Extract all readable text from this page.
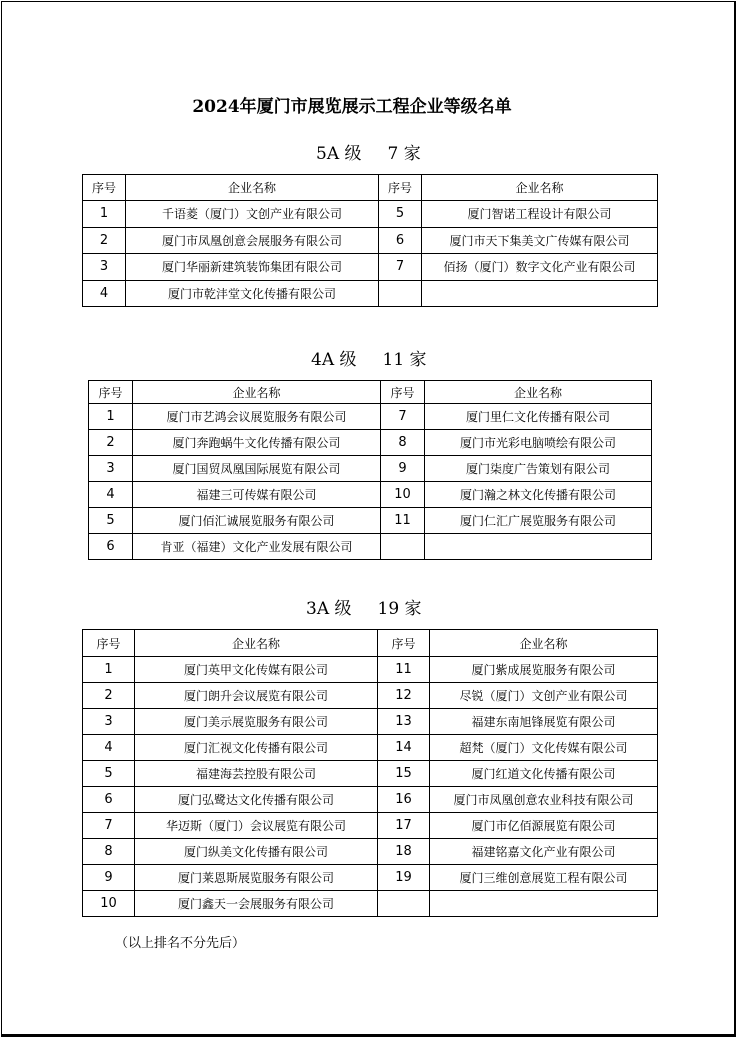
2024年厦门市展览展示工程企业等级名单
5A 级 7 家
4A 级 11 家
3A 级 19 家
序号	企业名称	序号	企业名称
1	千语菱（厦门）文创产业有限公司	5	厦门智诺工程设计有限公司
2	厦门市凤凰创意会展服务有限公司	6	厦门市天下集美文广传媒有限公司
3	厦门华丽新建筑装饰集团有限公司	7	佰扬（厦门）数字文化产业有限公司
4	厦门市乾沣堂文化传播有限公司		
序号	企业名称	序号	企业名称
1	厦门市艺鸿会议展览服务有限公司	7	厦门里仁文化传播有限公司
2	厦门奔跑蜗牛文化传播有限公司	8	厦门市光彩电脑喷绘有限公司
3	厦门国贸凤凰国际展览有限公司	9	厦门柒度广告策划有限公司
4	福建三可传媒有限公司	10	厦门瀚之林文化传播有限公司
5	厦门佰汇诚展览服务有限公司	11	厦门仁汇广展览服务有限公司
6	肯亚（福建）文化产业发展有限公司		
序号	企业名称	序号	企业名称
1	厦门英甲文化传媒有限公司	11	厦门紫成展览服务有限公司
2	厦门朗升会议展览有限公司	12	尽锐（厦门）文创产业有限公司
3	厦门美示展览服务有限公司	13	福建东南旭锋展览有限公司
4	厦门汇视文化传播有限公司	14	超梵（厦门）文化传媒有限公司
5	福建海芸控股有限公司	15	厦门红道文化传播有限公司
6	厦门弘鹭达文化传播有限公司	16	厦门市凤凰创意农业科技有限公司
7	华迈斯（厦门）会议展览有限公司	17	厦门市亿佰源展览有限公司
8	厦门纵美文化传播有限公司	18	福建铭嘉文化产业有限公司
9	厦门莱恩斯展览服务有限公司	19	厦门三维创意展览工程有限公司
10	厦门鑫天一会展服务有限公司		
（以上排名不分先后）
